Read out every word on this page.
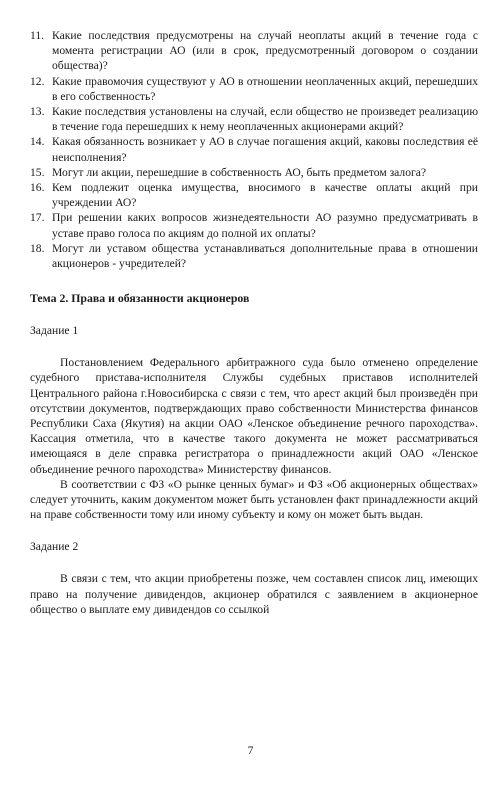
11. Какие последствия предусмотрены на случай неоплаты акций в течение года с момента регистрации АО (или в срок, предусмотренный договором о создании общества)?
12. Какие правомочия существуют у АО в отношении неоплаченных акций, перешедших в его собственность?
13. Какие последствия установлены на случай, если общество не произведет реализацию в течение года перешедших к нему неоплаченных акционерами акций?
14. Какая обязанность возникает у АО в случае погашения акций, каковы последствия её неисполнения?
15. Могут ли акции, перешедшие в собственность АО, быть предметом залога?
16. Кем подлежит оценка имущества, вносимого в качестве оплаты акций при учреждении АО?
17. При решении каких вопросов жизнедеятельности АО разумно предусматривать в уставе право голоса по акциям до полной их оплаты?
18. Могут ли уставом общества устанавливаться дополнительные права в отношении акционеров - учредителей?
Тема 2. Права и обязанности акционеров
Задание 1

Постановлением Федерального арбитражного суда было отменено определение судебного пристава-исполнителя Службы судебных приставов исполнителей Центрального района г.Новосибирска с связи с тем, что арест акций был произведён при отсутствии документов, подтверждающих право собственности Министерства финансов Республики Саха (Якутия) на акции ОАО «Ленское объединение речного пароходства». Кассация отметила, что в качестве такого документа не может рассматриваться имеющаяся в деле справка регистратора о принадлежности акций ОАО «Ленское объединение речного пароходства» Министерству финансов.

В соответствии с ФЗ «О рынке ценных бумаг» и ФЗ «Об акционерных обществах» следует уточнить, каким документом может быть установлен факт принадлежности акций на праве собственности тому или иному субъекту и кому он может быть выдан.

Задание 2

В связи с тем, что акции приобретены позже, чем составлен список лиц, имеющих право на получение дивидендов, акционер обратился с заявлением в акционерное общество о выплате ему дивидендов со ссылкой

7
